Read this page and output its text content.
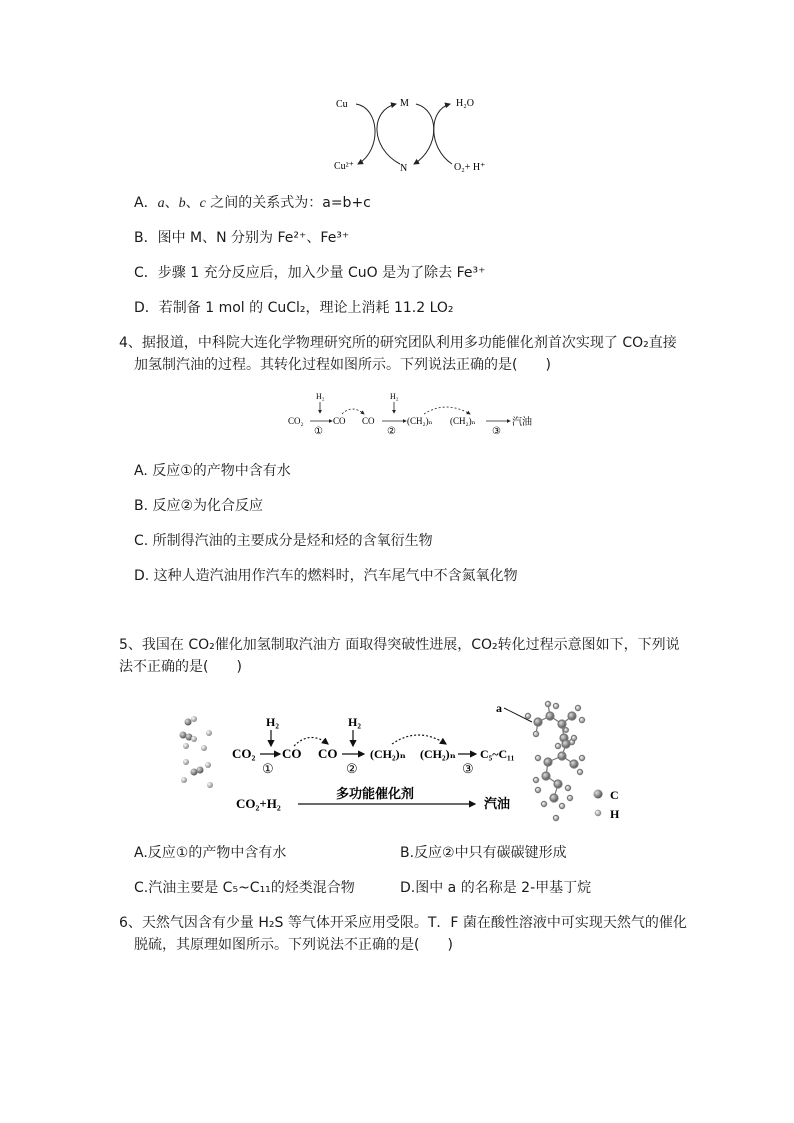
Cu
Cu²⁺
M
N
H₂O
O₂+ H⁺
A．a、b、c 之间的关系式为：a=b+c
B．图中 M、N 分别为 Fe²⁺、Fe³⁺
C．步骤 1 充分反应后，加入少量 CuO 是为了除去 Fe³⁺
D．若制备 1 mol 的 CuCl₂，理论上消耗 11.2 LO₂
4、据报道，中科院大连化学物理研究所的研究团队利用多功能催化剂首次实现了 CO₂直接
加氢制汽油的过程。其转化过程如图所示。下列说法正确的是(　　)
H₂	H₂
CO₂
①
CO CO
②
(CH₂)ₙ (CH₂)ₙ
③
汽油
A. 反应①的产物中含有水
B. 反应②为化合反应
C. 所制得汽油的主要成分是烃和烃的含氧衍生物
D. 这种人造汽油用作汽车的燃料时，汽车尾气中不含氮氧化物
5、我国在 CO₂催化加氢制取汽油方 面取得突破性进展，CO₂转化过程示意图如下，下列说
法不正确的是(　　)
H₂	H₂
CO₂
①
CO CO
②
(CH₂)ₙ (CH₂)ₙ
③
C₅~C₁₁
CO₂+H₂
多功能催化剂
汽油
a
C
H
A.反应①的产物中含有水	B.反应②中只有碳碳键形成
C.汽油主要是 C₅~C₁₁的烃类混合物	D.图中 a 的名称是 2-甲基丁烷
6、天然气因含有少量 H₂S 等气体开采应用受限。T．F 菌在酸性溶液中可实现天然气的催化
脱硫，其原理如图所示。下列说法不正确的是(　　)
